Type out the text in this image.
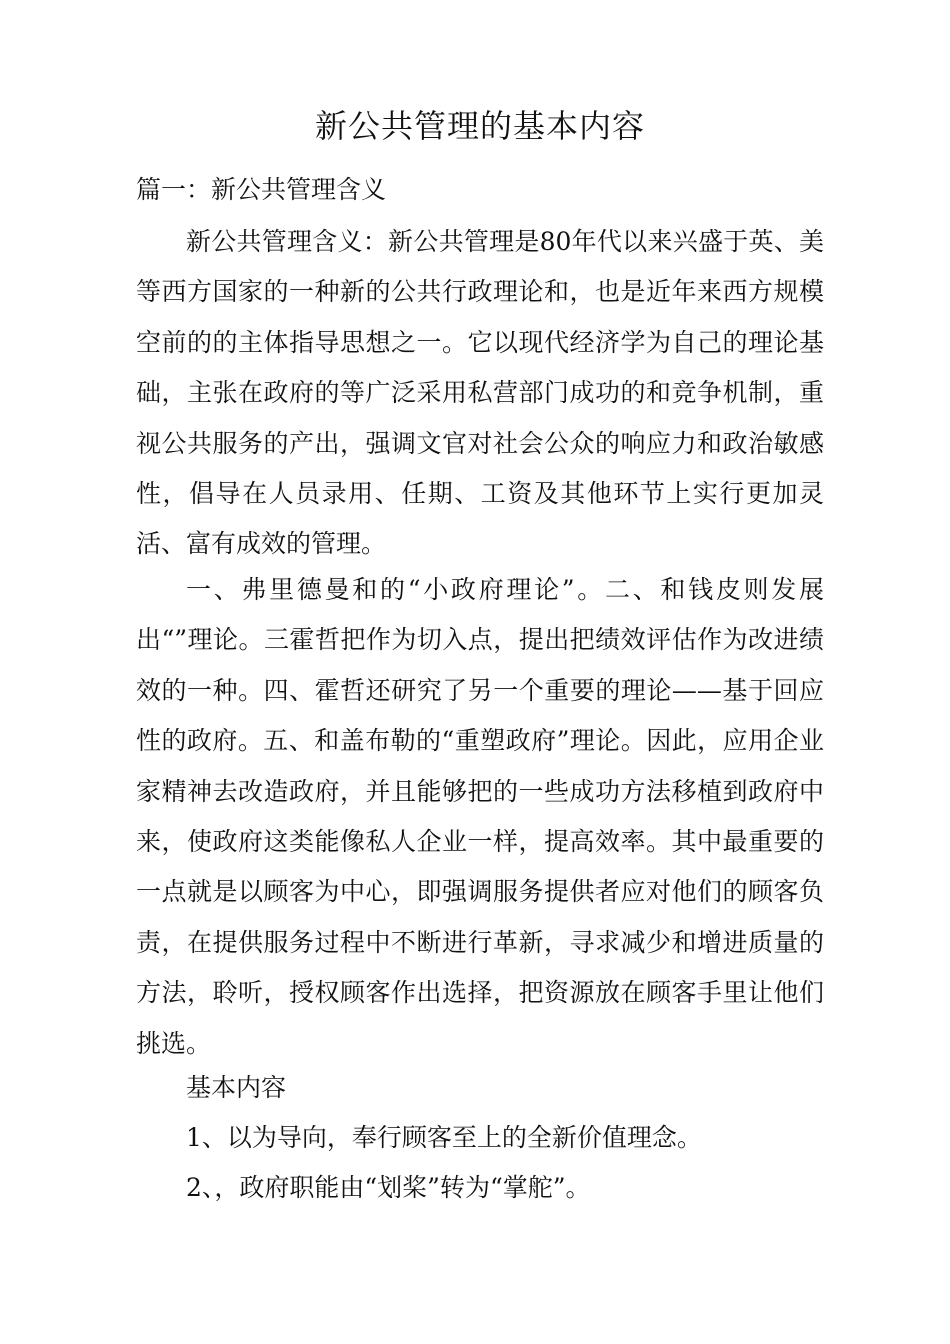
新公共管理的基本内容

篇一：新公共管理含义

新公共管理含义：新公共管理是80年代以来兴盛于英、美等西方国家的一种新的公共行政理论和，也是近年来西方规模空前的的主体指导思想之一。它以现代经济学为自己的理论基础，主张在政府的等广泛采用私营部门成功的和竞争机制，重视公共服务的产出，强调文官对社会公众的响应力和政治敏感性，倡导在人员录用、任期、工资及其他环节上实行更加灵活、富有成效的管理。

一、弗里德曼和的“小政府理论”。二、和钱皮则发展出“”理论。三霍哲把作为切入点，提出把绩效评估作为改进绩效的一种。四、霍哲还研究了另一个重要的理论——基于回应性的政府。五、和盖布勒的“重塑政府”理论。因此，应用企业家精神去改造政府，并且能够把的一些成功方法移植到政府中来，使政府这类能像私人企业一样，提高效率。其中最重要的一点就是以顾客为中心，即强调服务提供者应对他们的顾客负责，在提供服务过程中不断进行革新，寻求减少和增进质量的方法，聆听，授权顾客作出选择，把资源放在顾客手里让他们挑选。

基本内容

1、以为导向，奉行顾客至上的全新价值理念。

2、，政府职能由“划桨”转为“掌舵”。
